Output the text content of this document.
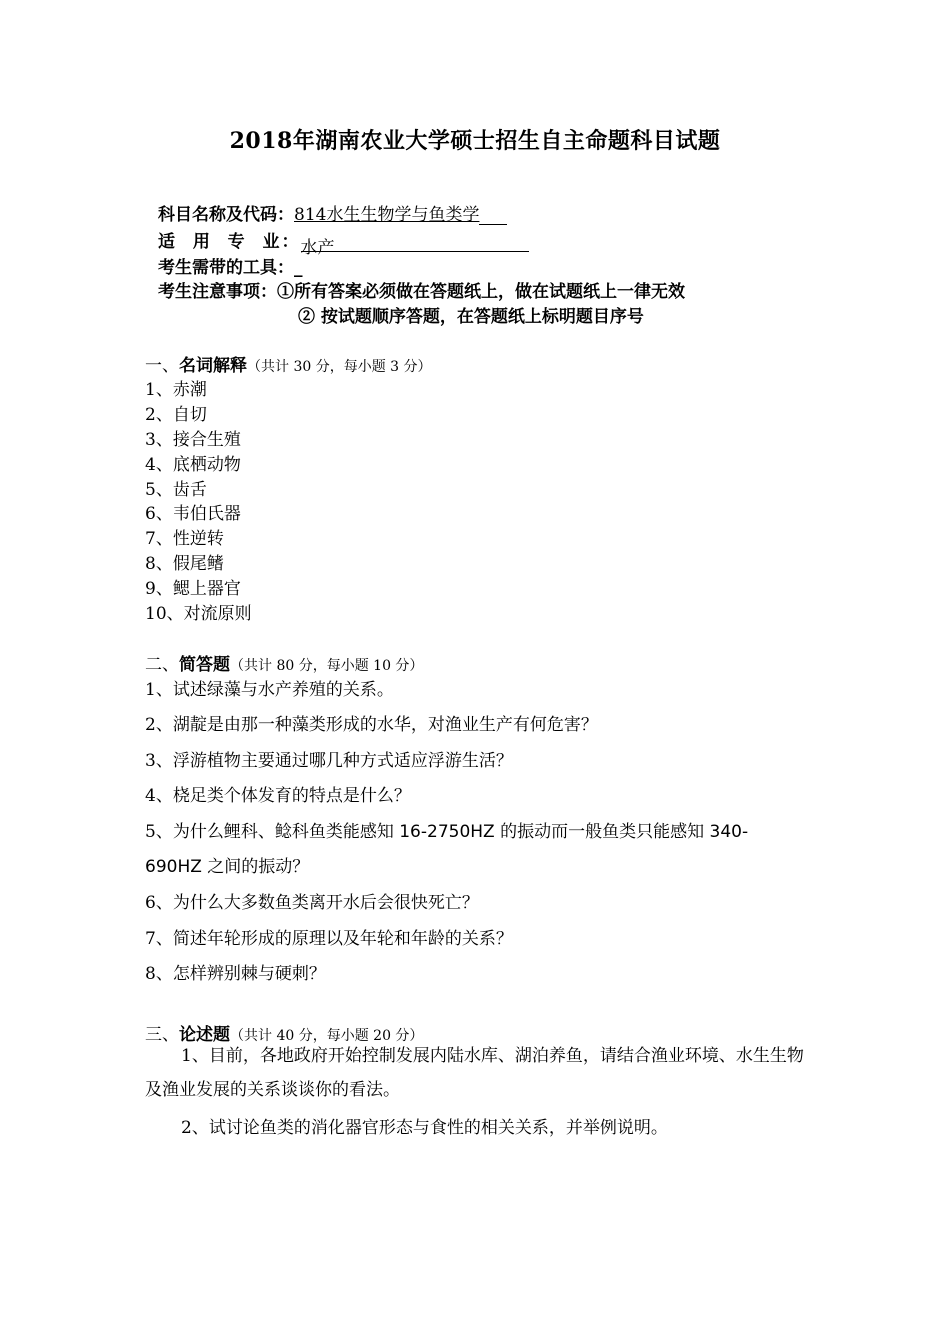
2018年湖南农业大学硕士招生自主命题科目试题
科目名称及代码：814水生生物学与鱼类学
适  用  专  业：水产
考生需带的工具：_
考生注意事项：①所有答案必须做在答题纸上，做在试题纸上一律无效
② 按试题顺序答题，在答题纸上标明题目序号
一、名词解释（共计 30 分，每小题 3 分）
1、赤潮
2、自切
3、接合生殖
4、底栖动物
5、齿舌
6、韦伯氏器
7、性逆转
8、假尾鳍
9、鳃上器官
10、对流原则
二、简答题（共计 80 分，每小题 10 分）
1、试述绿藻与水产养殖的关系。
2、湖靛是由那一种藻类形成的水华，对渔业生产有何危害？
3、浮游植物主要通过哪几种方式适应浮游生活？
4、桡足类个体发育的特点是什么？
5、为什么鲤科、鲶科鱼类能感知 16-2750HZ 的振动而一般鱼类只能感知 340-
690HZ 之间的振动？
6、为什么大多数鱼类离开水后会很快死亡？
7、简述年轮形成的原理以及年轮和年龄的关系？
8、怎样辨别棘与硬刺？
三、论述题（共计 40 分，每小题 20 分）
1、目前，各地政府开始控制发展内陆水库、湖泊养鱼，请结合渔业环境、水生生物及渔业发展的关系谈谈你的看法。
2、试讨论鱼类的消化器官形态与食性的相关关系，并举例说明。
